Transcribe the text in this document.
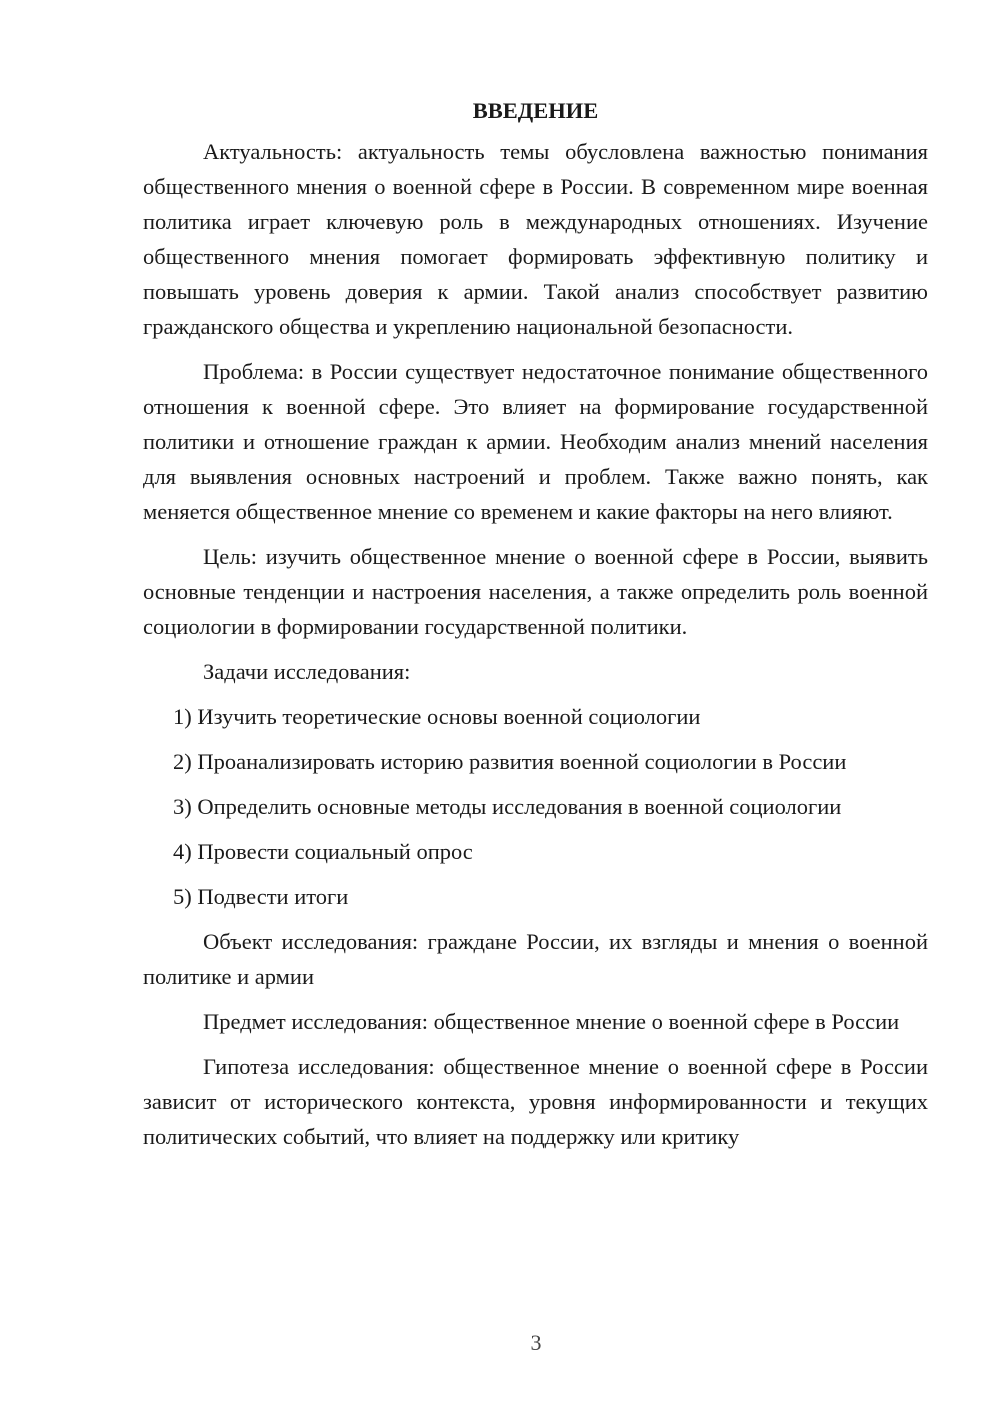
ВВЕДЕНИЕ

Актуальность: актуальность темы обусловлена важностью понимания общественного мнения о военной сфере в России. В современном мире военная политика играет ключевую роль в международных отношениях. Изучение общественного мнения помогает формировать эффективную политику и повышать уровень доверия к армии. Такой анализ способствует развитию гражданского общества и укреплению национальной безопасности.

Проблема: в России существует недостаточное понимание общественного отношения к военной сфере. Это влияет на формирование государственной политики и отношение граждан к армии. Необходим анализ мнений населения для выявления основных настроений и проблем. Также важно понять, как меняется общественное мнение со временем и какие факторы на него влияют.

Цель: изучить общественное мнение о военной сфере в России, выявить основные тенденции и настроения населения, а также определить роль военной социологии в формировании государственной политики.

Задачи исследования:

1) Изучить теоретические основы военной социологии
2) Проанализировать историю развития военной социологии в России
3) Определить основные методы исследования в военной социологии
4) Провести социальный опрос
5) Подвести итоги

Объект исследования: граждане России, их взгляды и мнения о военной политике и армии

Предмет исследования: общественное мнение о военной сфере в России

Гипотеза исследования: общественное мнение о военной сфере в России зависит от исторического контекста, уровня информированности и текущих политических событий, что влияет на поддержку или критику

3
